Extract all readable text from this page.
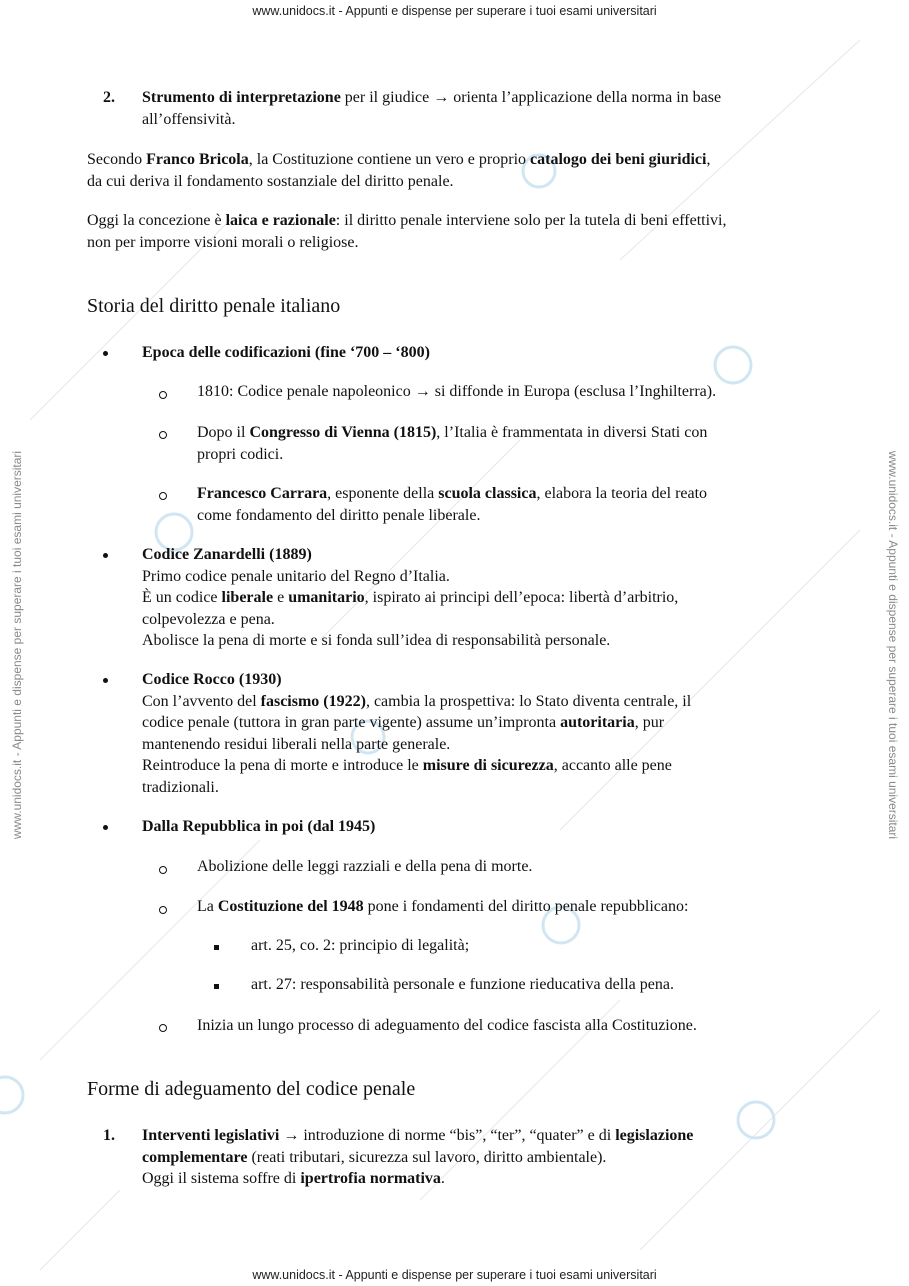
www.unidocs.it - Appunti e dispense per superare i tuoi esami universitari
www.unidocs.it - Appunti e dispense per superare i tuoi esami universitari
www.unidocs.it - Appunti e dispense per superare i tuoi esami universitari	www.unidocs.it - Appunti e dispense per superare i tuoi esami universitari
2. Strumento di interpretazione per il giudice → orienta l’applicazione della norma in base
all’offensività.
Secondo Franco Bricola, la Costituzione contiene un vero e proprio catalogo dei beni giuridici,
da cui deriva il fondamento sostanziale del diritto penale.
Oggi la concezione è laica e razionale: il diritto penale interviene solo per la tutela di beni effettivi,
non per imporre visioni morali o religiose.
Storia del diritto penale italiano
Epoca delle codificazioni (fine ‘700 – ‘800)
1810: Codice penale napoleonico → si diffonde in Europa (esclusa l’Inghilterra).
Dopo il Congresso di Vienna (1815), l’Italia è frammentata in diversi Stati con
propri codici.
Francesco Carrara, esponente della scuola classica, elabora la teoria del reato
come fondamento del diritto penale liberale.
Codice Zanardelli (1889)
Primo codice penale unitario del Regno d’Italia.
È un codice liberale e umanitario, ispirato ai principi dell’epoca: libertà d’arbitrio,
colpevolezza e pena.
Abolisce la pena di morte e si fonda sull’idea di responsabilità personale.
Codice Rocco (1930)
Con l’avvento del fascismo (1922), cambia la prospettiva: lo Stato diventa centrale, il
codice penale (tuttora in gran parte vigente) assume un’impronta autoritaria, pur
mantenendo residui liberali nella parte generale.
Reintroduce la pena di morte e introduce le misure di sicurezza, accanto alle pene
tradizionali.
Dalla Repubblica in poi (dal 1945)
Abolizione delle leggi razziali e della pena di morte.
La Costituzione del 1948 pone i fondamenti del diritto penale repubblicano:
art. 25, co. 2: principio di legalità;
art. 27: responsabilità personale e funzione rieducativa della pena.
Inizia un lungo processo di adeguamento del codice fascista alla Costituzione.
Forme di adeguamento del codice penale
1. Interventi legislativi → introduzione di norme “bis”, “ter”, “quater” e di legislazione
complementare (reati tributari, sicurezza sul lavoro, diritto ambientale).
Oggi il sistema soffre di ipertrofia normativa.
